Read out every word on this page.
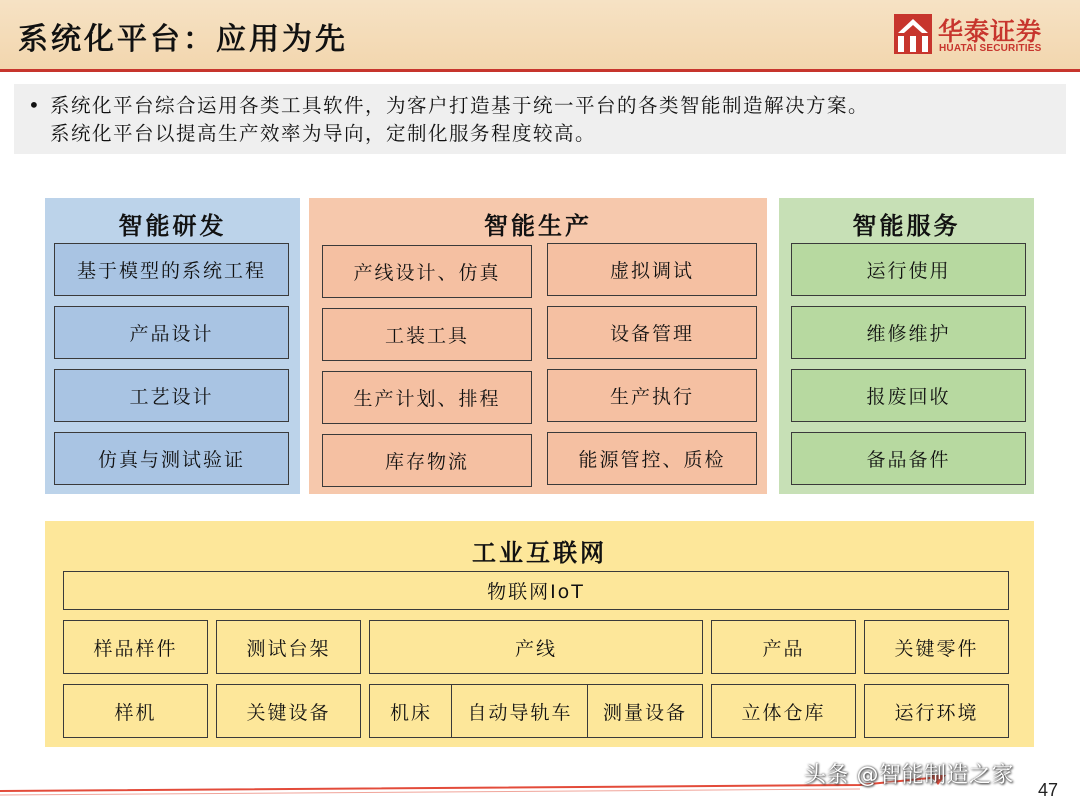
系统化平台：应用为先	华泰证券
HUATAI SECURITIES
• 系统化平台综合运用各类工具软件，为客户打造基于统一平台的各类智能制造解决方案。

系统化平台以提高生产效率为导向，定制化服务程度较高。

智能研发
基于模型的系统工程
产品设计
工艺设计
仿真与测试验证
智能生产
产线设计、仿真
工装工具
生产计划、排程
库存物流
虚拟调试
设备管理
生产执行
能源管控、质检
智能服务
运行使用
维修维护
报废回收
备品备件
工业互联网
物联网IoT
样品样件	测试台架	产线	产品	关键零件
样机	关键设备	机床	自动导轨车	测量设备	立体仓库	运行环境
头条 @智能制造之家
47
